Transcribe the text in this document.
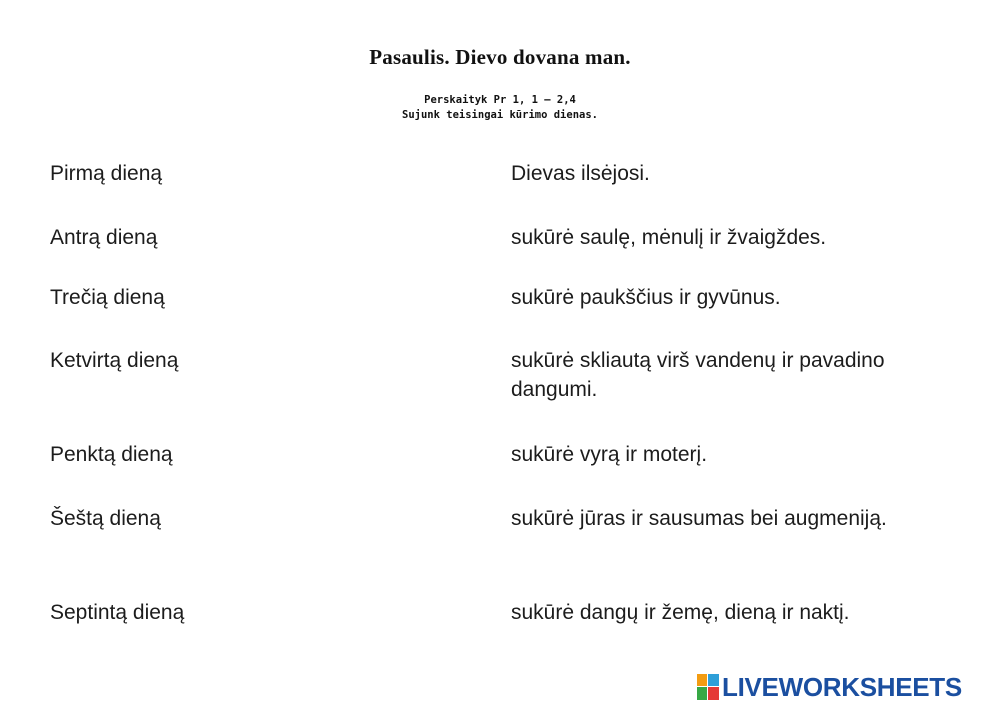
Pasaulis. Dievo dovana man.
Perskaityk Pr 1, 1 – 2,4
Sujunk teisingai kūrimo dienas.
Pirmą dieną
Antrą dieną
Trečią dieną
Ketvirtą dieną
Penktą dieną
Šeštą dieną
Septintą dieną
Dievas ilsėjosi.
sukūrė saulę, mėnulį ir žvaigždes.
sukūrė paukščius ir gyvūnus.
sukūrė skliautą virš vandenų ir pavadino dangumi.
sukūrė vyrą ir moterį.
sukūrė jūras ir sausumas bei augmeniją.
sukūrė dangų ir žemę, dieną ir naktį.
LIVEWORKSHEETS
